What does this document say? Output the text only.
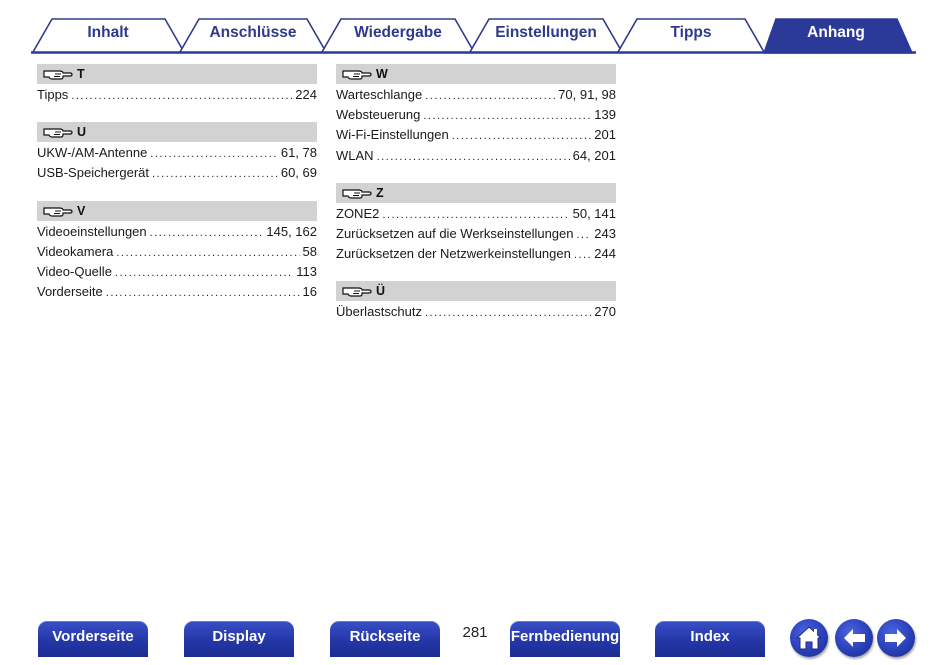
Inhalt	Anschlüsse	Wiedergabe	Einstellungen	Tipps	Anhang
T
Tipps .....	224
U
UKW-/AM-Antenne .....	61, 78
USB-Speichergerät .....	60, 69
V
Videoeinstellungen .....	145, 162
Videokamera .....	58
Video-Quelle .....	113
Vorderseite .....	16
W
Warteschlange .....	70, 91, 98
Websteuerung .....	139
Wi-Fi-Einstellungen .....	201
WLAN .....	64, 201
Z
ZONE2 .....	50, 141
Zurücksetzen auf die Werkseinstellungen ..... 243
Zurücksetzen der Netzwerkeinstellungen ..... 244
Ü
Überlastschutz .....	270
Vorderseite	Display	Rückseite	281	Fernbedienung	Index
